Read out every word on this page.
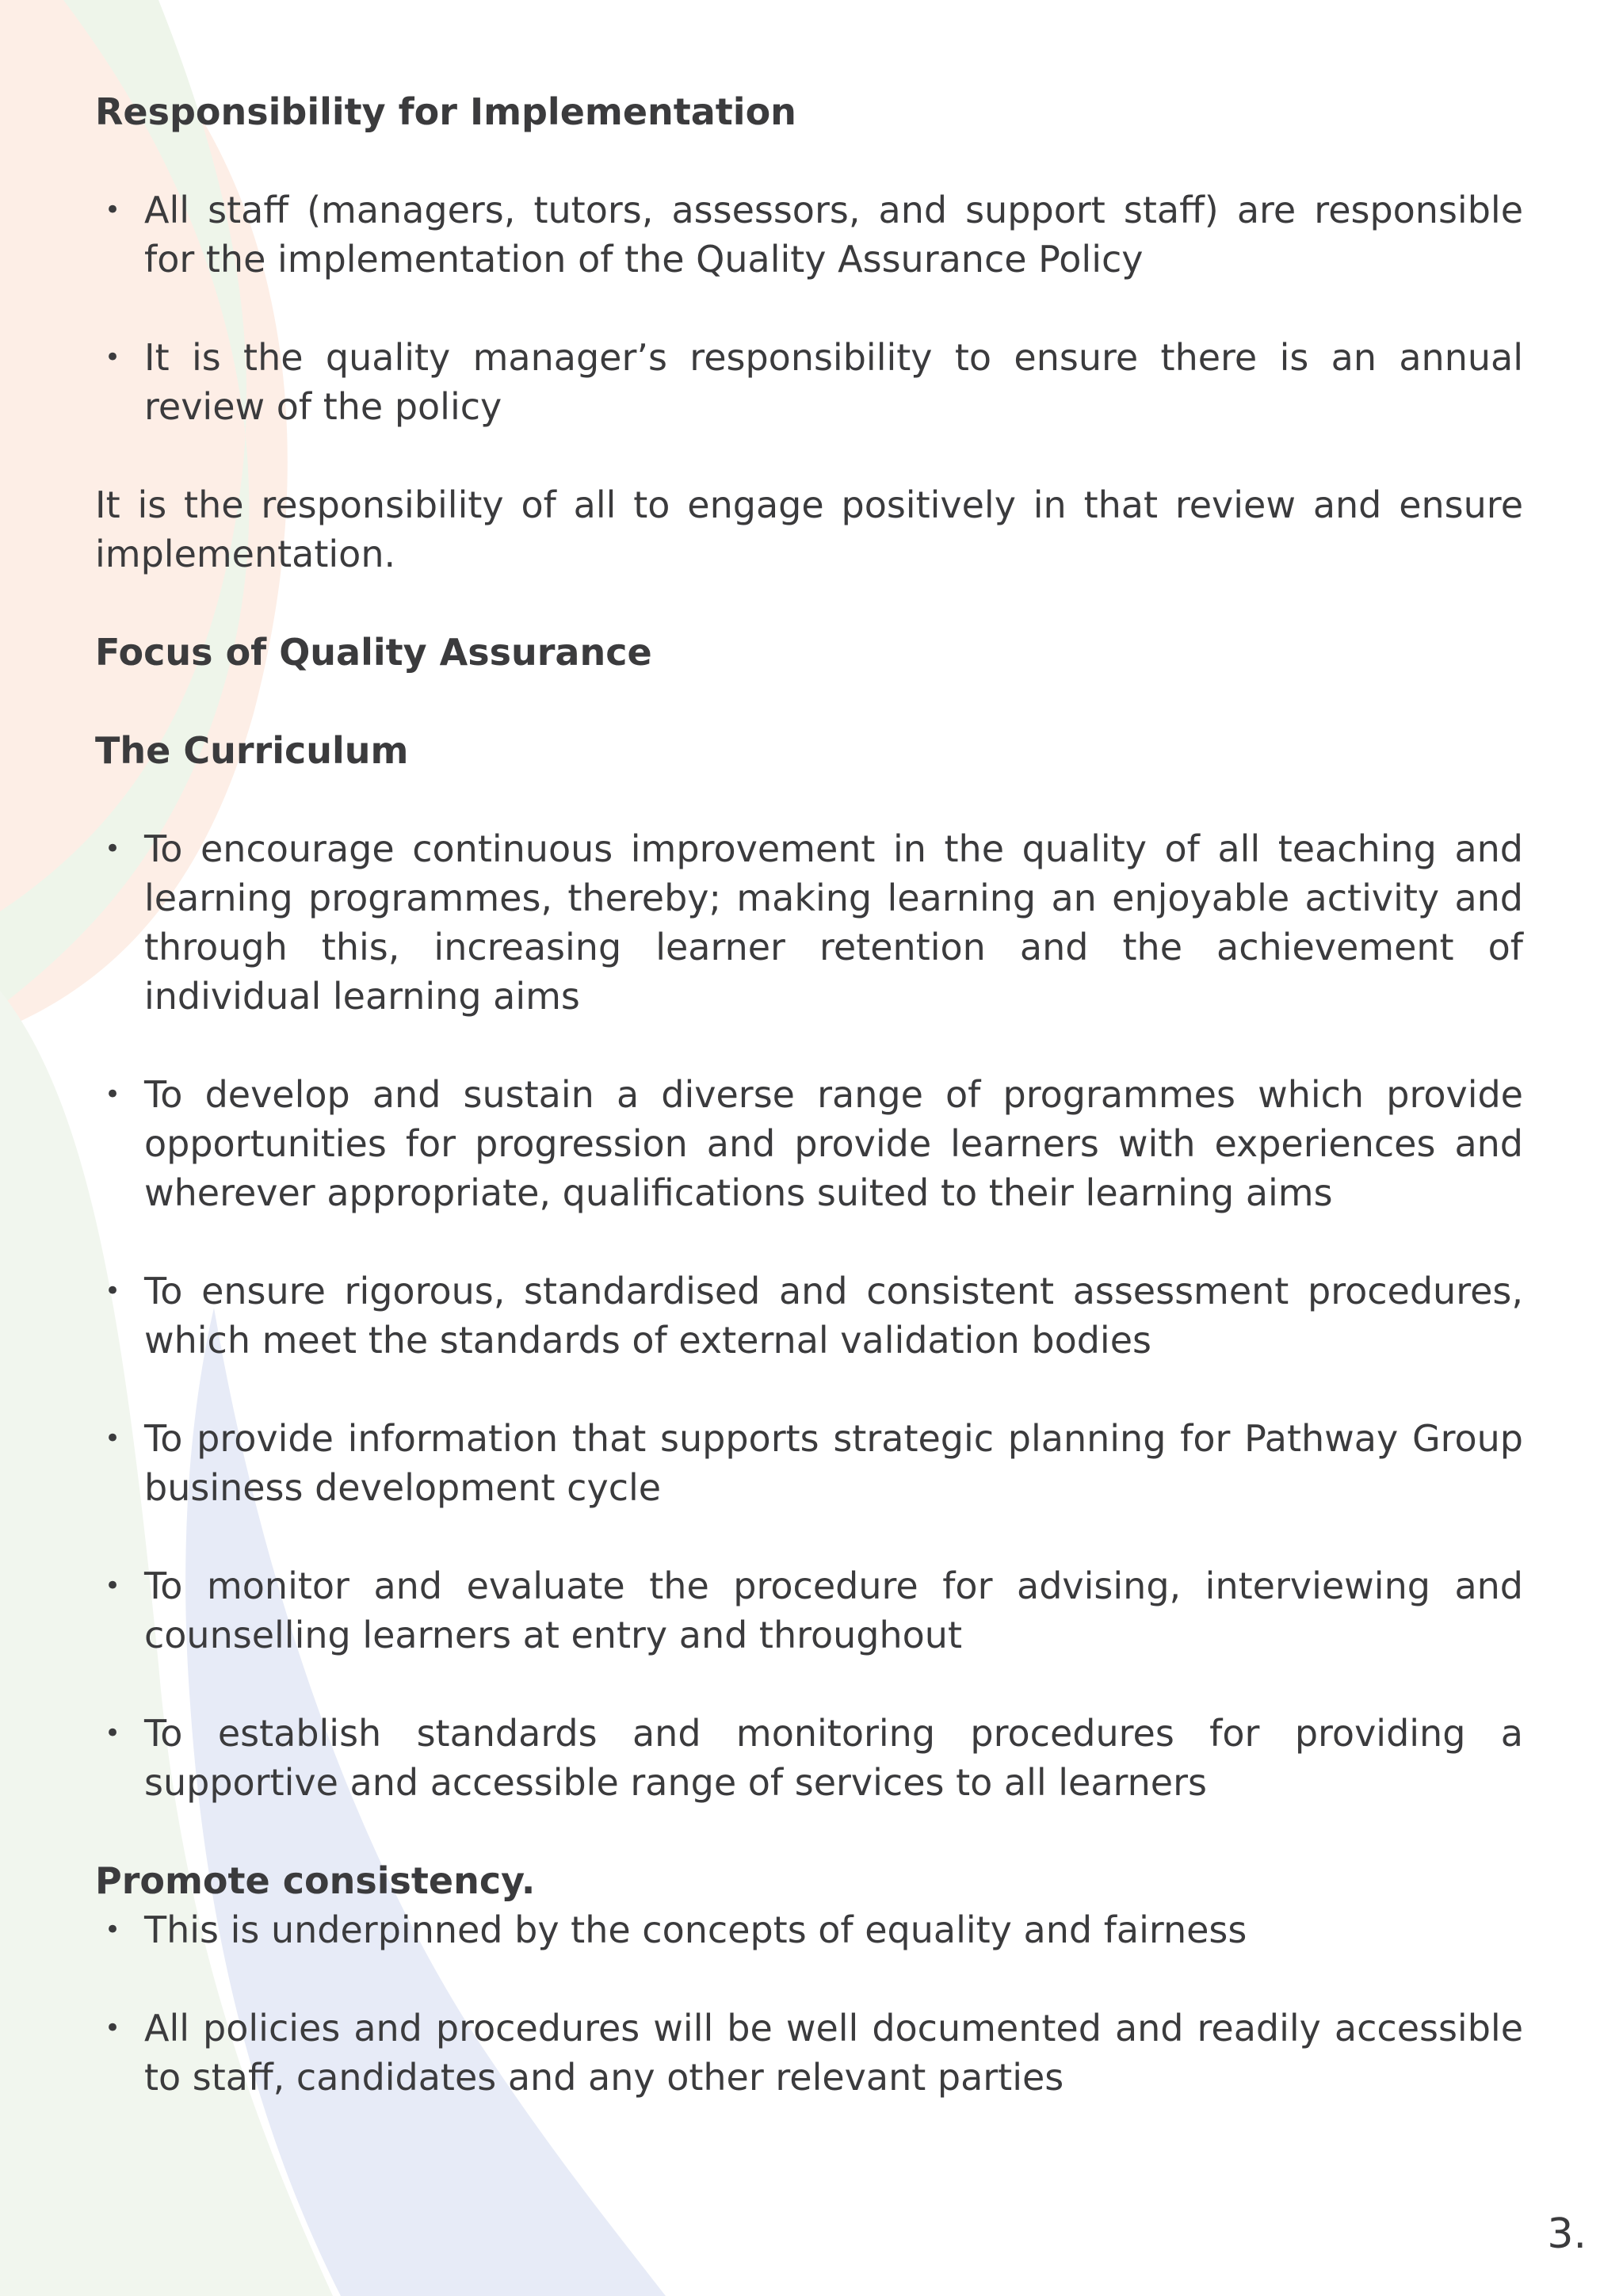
Responsibility for Implementation

• All staff (managers, tutors, assessors, and support staff) are responsible for the implementation of the Quality Assurance Policy
• It is the quality manager’s responsibility to ensure there is an annual review of the policy

It is the responsibility of all to engage positively in that review and ensure implementation.

Focus of Quality Assurance

The Curriculum

• To encourage continuous improvement in the quality of all teaching and learning programmes, thereby; making learning an enjoyable activity and through this, increasing learner retention and the achievement of individual learning aims
• To develop and sustain a diverse range of programmes which provide opportunities for progression and provide learners with experiences and wherever appropriate, qualifications suited to their learning aims
• To ensure rigorous, standardised and consistent assessment procedures, which meet the standards of external validation bodies
• To provide information that supports strategic planning for Pathway Group business development cycle
• To monitor and evaluate the procedure for advising, interviewing and counselling learners at entry and throughout
• To establish standards and monitoring procedures for providing a supportive and accessible range of services to all learners

Promote consistency.

• This is underpinned by the concepts of equality and fairness
• All policies and procedures will be well documented and readily accessible to staff, candidates and any other relevant parties
3.
